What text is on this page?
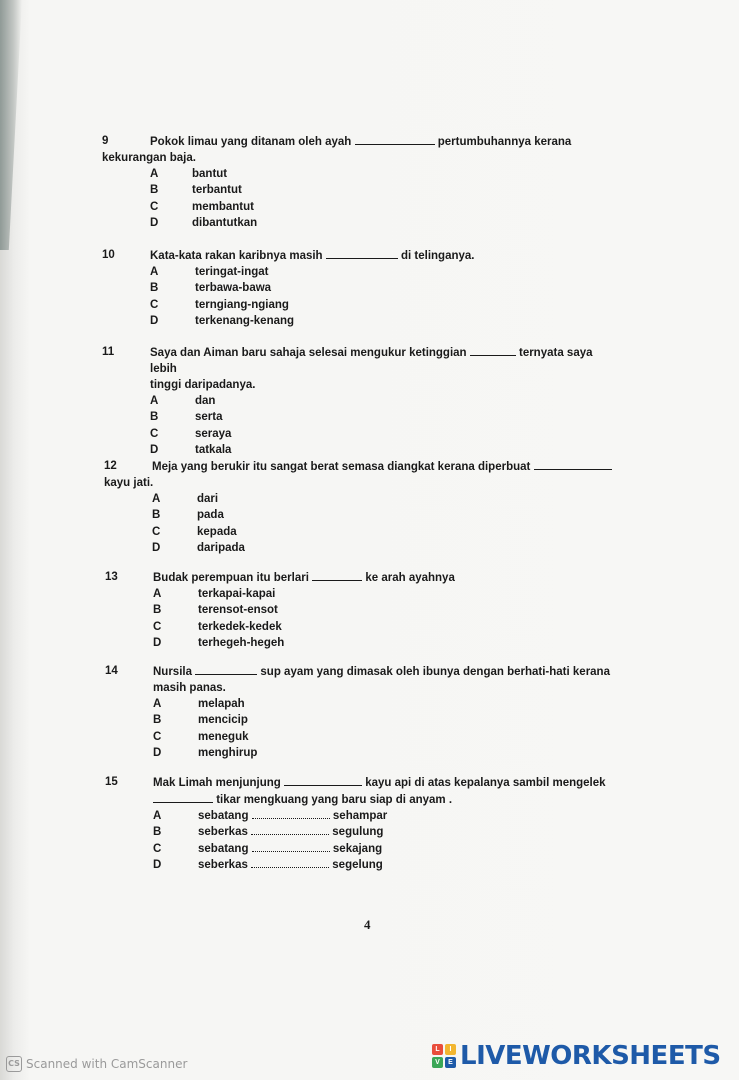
9	Pokok limau yang ditanam oleh ayah	pertumbuhannya kerana
kekurangan baja.
A	bantut
B	terbantut
C	membantut
D	dibantutkan
10	Kata-kata rakan karibnya masih	di telinganya.
A	teringat-ingat
B	terbawa-bawa
C	terngiang-ngiang
D	terkenang-kenang
11	Saya dan Aiman baru sahaja selesai mengukur ketinggian	ternyata saya lebih
tinggi daripadanya.
A	dan
B	serta
C	seraya
D	tatkala
12	Meja yang berukir itu sangat berat semasa diangkat kerana diperbuat
kayu jati.
A	dari
B	pada
C	kepada
D	daripada
13	Budak perempuan itu berlari	ke arah ayahnya
A	terkapai-kapai
B	terensot-ensot
C	terkedek-kedek
D	terhegeh-hegeh
14	Nursila	sup ayam yang dimasak oleh ibunya dengan berhati-hati kerana
masih panas.
A	melapah
B	mencicip
C	meneguk
D	menghirup
15	Mak Limah menjunjung	kayu api di atas kepalanya sambil mengelek
tikar mengkuang yang baru siap di anyam .
A	sebatang	sehampar
B	seberkas	segulung
C	sebatang	sekajang
D	seberkas	segelung
4
CS Scanned with CamScanner
L	I
V	E LIVEWORKSHEETS
